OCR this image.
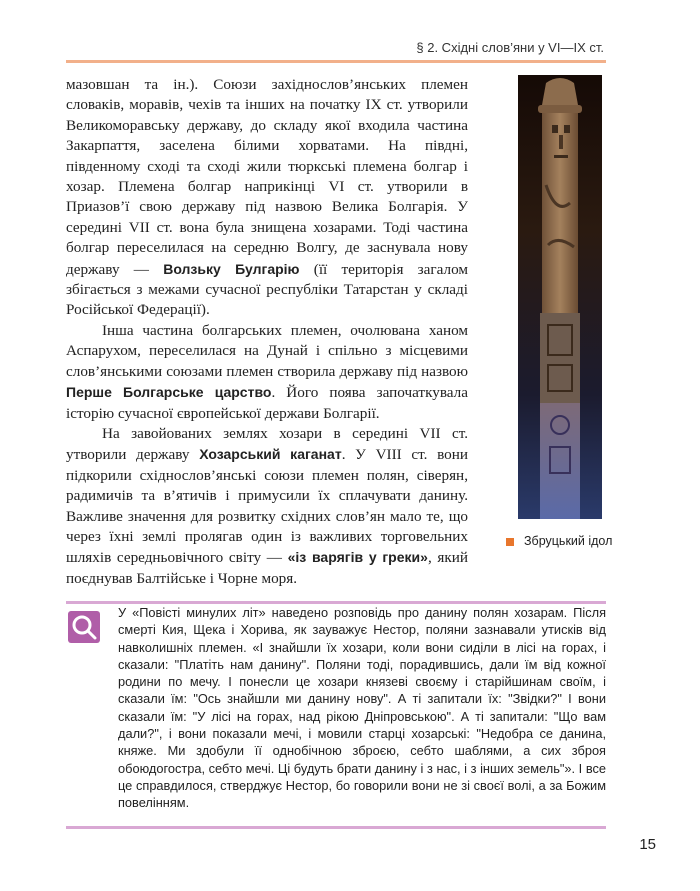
§ 2. Східні слов’яни у VI—IX ст.

мазовшан та ін.). Союзи західнослов’янських племен словаків, моравів, чехів та інших на початку IX ст. утворили Великоморавську державу, до складу якої входила частина Закарпаття, заселена білими хорватами. На півдні, південному сході та сході жили тюркські племена болгар і хозар. Племена болгар наприкінці VI ст. утворили в Приазов’ї свою державу під назвою Велика Болгарія. У середині VII ст. вона була знищена хозарами. Тоді частина болгар переселилася на середню Волгу, де заснувала нову державу — Волзьку Булгарію (її територія загалом збігається з межами сучасної республіки Татарстан у складі Російської Федерації).

Інша частина болгарських племен, очолювана ханом Аспарухом, переселилася на Дунай і спільно з місцевими слов’янськими союзами племен створила державу під назвою Перше Болгарське царство. Його поява започаткувала історію сучасної європейської держави Болгарії.

На завойованих землях хозари в середині VII ст. утворили державу Хозарський каганат. У VIII ст. вони підкорили східнослов’янські союзи племен полян, сіверян, радимичів та в’ятичів і примусили їх сплачувати данину. Важливе значення для розвитку східних слов’ян мало те, що через їхні землі пролягав один із важливих торговельних шляхів середньовічного світу — «із варягів у греки», який поєднував Балтійське і Чорне моря.

Збруцький ідол

У «Повісті минулих літ» наведено розповідь про данину полян хозарам. Після смерті Кия, Щека і Хорива, як зауважує Нестор, поляни зазнавали утисків від навколишніх племен. «І знайшли їх хозари, коли вони сиділи в лісі на горах, і сказали: "Платіть нам данину". Поляни тоді, порадившись, дали їм від кожної родини по мечу. І понесли це хозари князеві своєму і старійшинам своїм, і сказали їм: "Ось знайшли ми данину нову". А ті запитали їх: "Звідки?" І вони сказали їм: "У лісі на горах, над рікою Дніпровською". А ті запитали: "Що вам дали?", і вони показали мечі, і мовили старці хозарські: "Недобра се данина, княже. Ми здобули її однобічною зброєю, себто шаблями, а сих зброя обоюдогостра, себто мечі. Ці будуть брати данину і з нас, і з інших земель"». І все це справдилося, стверджує Нестор, бо говорили вони не зі своєї волі, а за Божим повелінням.

15
